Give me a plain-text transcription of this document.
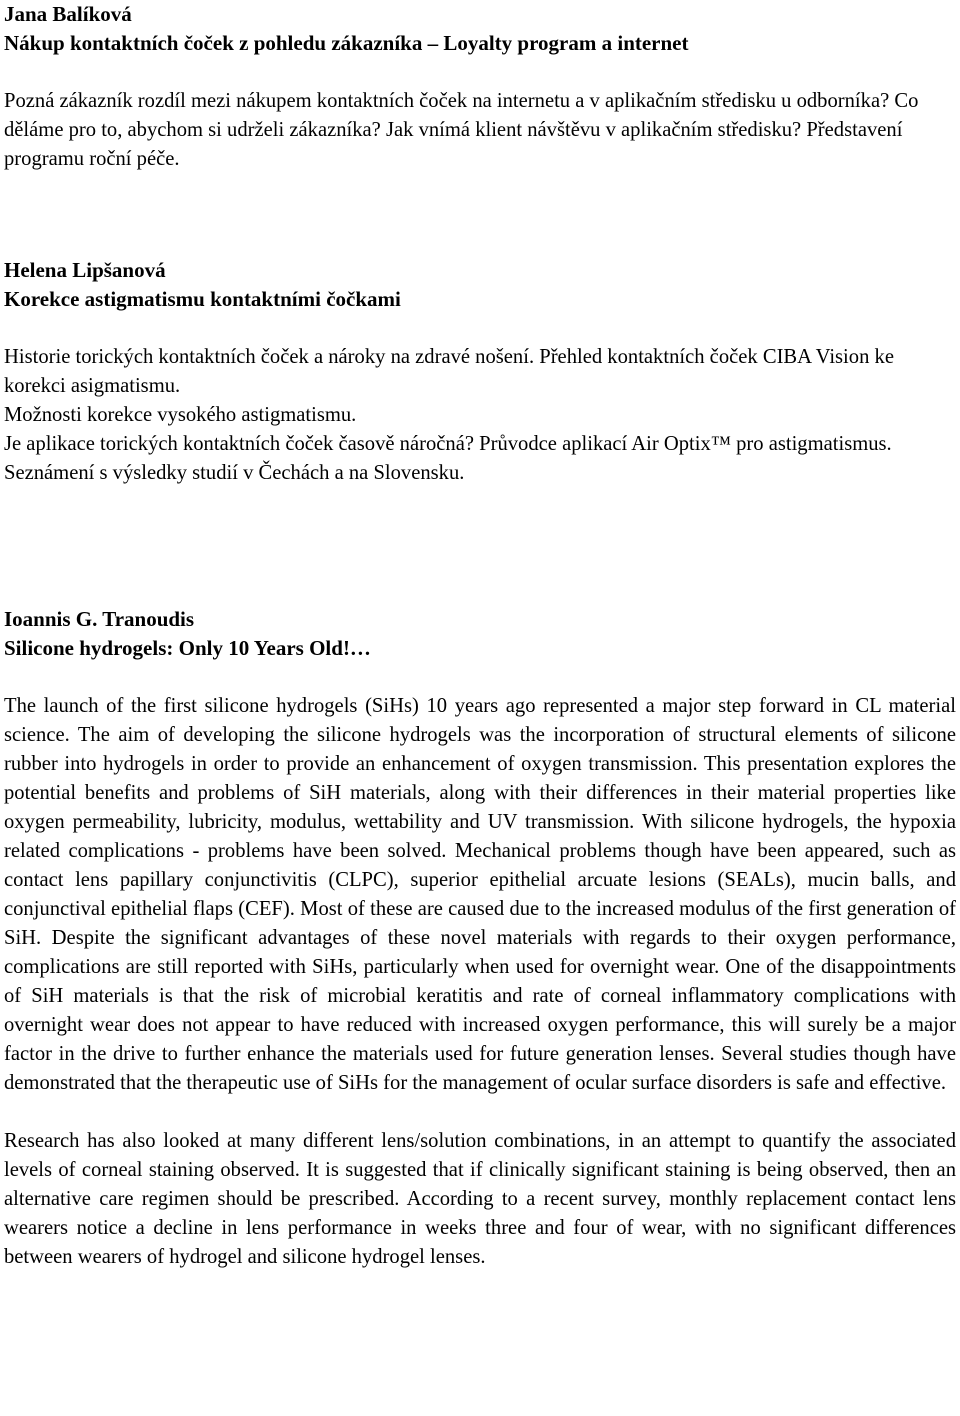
Jana Balíková

Nákup kontaktních čoček z pohledu zákazníka – Loyalty program a internet

Pozná zákazník rozdíl mezi nákupem kontaktních čoček na internetu a v aplikačním středisku u odborníka? Co děláme pro to, abychom si udrželi zákazníka? Jak vnímá klient návštěvu v aplikačním středisku? Představení programu roční péče.

Helena Lipšanová

Korekce astigmatismu kontaktními čočkami

Historie torických kontaktních čoček a nároky na zdravé nošení. Přehled kontaktních čoček CIBA Vision ke korekci asigmatismu.

Možnosti korekce vysokého astigmatismu.

Je aplikace torických kontaktních čoček časově náročná? Průvodce aplikací Air Optix™ pro astigmatismus.

Seznámení s výsledky studií v Čechách a na Slovensku.

Ioannis G. Tranoudis

Silicone hydrogels: Only 10 Years Old!…

The launch of the first silicone hydrogels (SiHs) 10 years ago represented a major step forward in CL material science. The aim of developing the silicone hydrogels was the incorporation of structural elements of silicone rubber into hydrogels in order to provide an enhancement of oxygen transmission. This presentation explores the potential benefits and problems of SiH materials, along with their differences in their material properties like oxygen permeability, lubricity, modulus, wettability and UV transmission. With silicone hydrogels, the hypoxia related complications - problems have been solved. Mechanical problems though have been appeared, such as contact lens papillary conjunctivitis (CLPC), superior epithelial arcuate lesions (SEALs), mucin balls, and conjunctival epithelial flaps (CEF). Most of these are caused due to the increased modulus of the first generation of SiH. Despite the significant advantages of these novel materials with regards to their oxygen performance, complications are still reported with SiHs, particularly when used for overnight wear. One of the disappointments of SiH materials is that the risk of microbial keratitis and rate of corneal inflammatory complications with overnight wear does not appear to have reduced with increased oxygen performance, this will surely be a major factor in the drive to further enhance the materials used for future generation lenses. Several studies though have demonstrated that the therapeutic use of SiHs for the management of ocular surface disorders is safe and effective.

Research has also looked at many different lens/solution combinations, in an attempt to quantify the associated levels of corneal staining observed. It is suggested that if clinically significant staining is being observed, then an alternative care regimen should be prescribed. According to a recent survey, monthly replacement contact lens wearers notice a decline in lens performance in weeks three and four of wear, with no significant differences between wearers of hydrogel and silicone hydrogel lenses.
